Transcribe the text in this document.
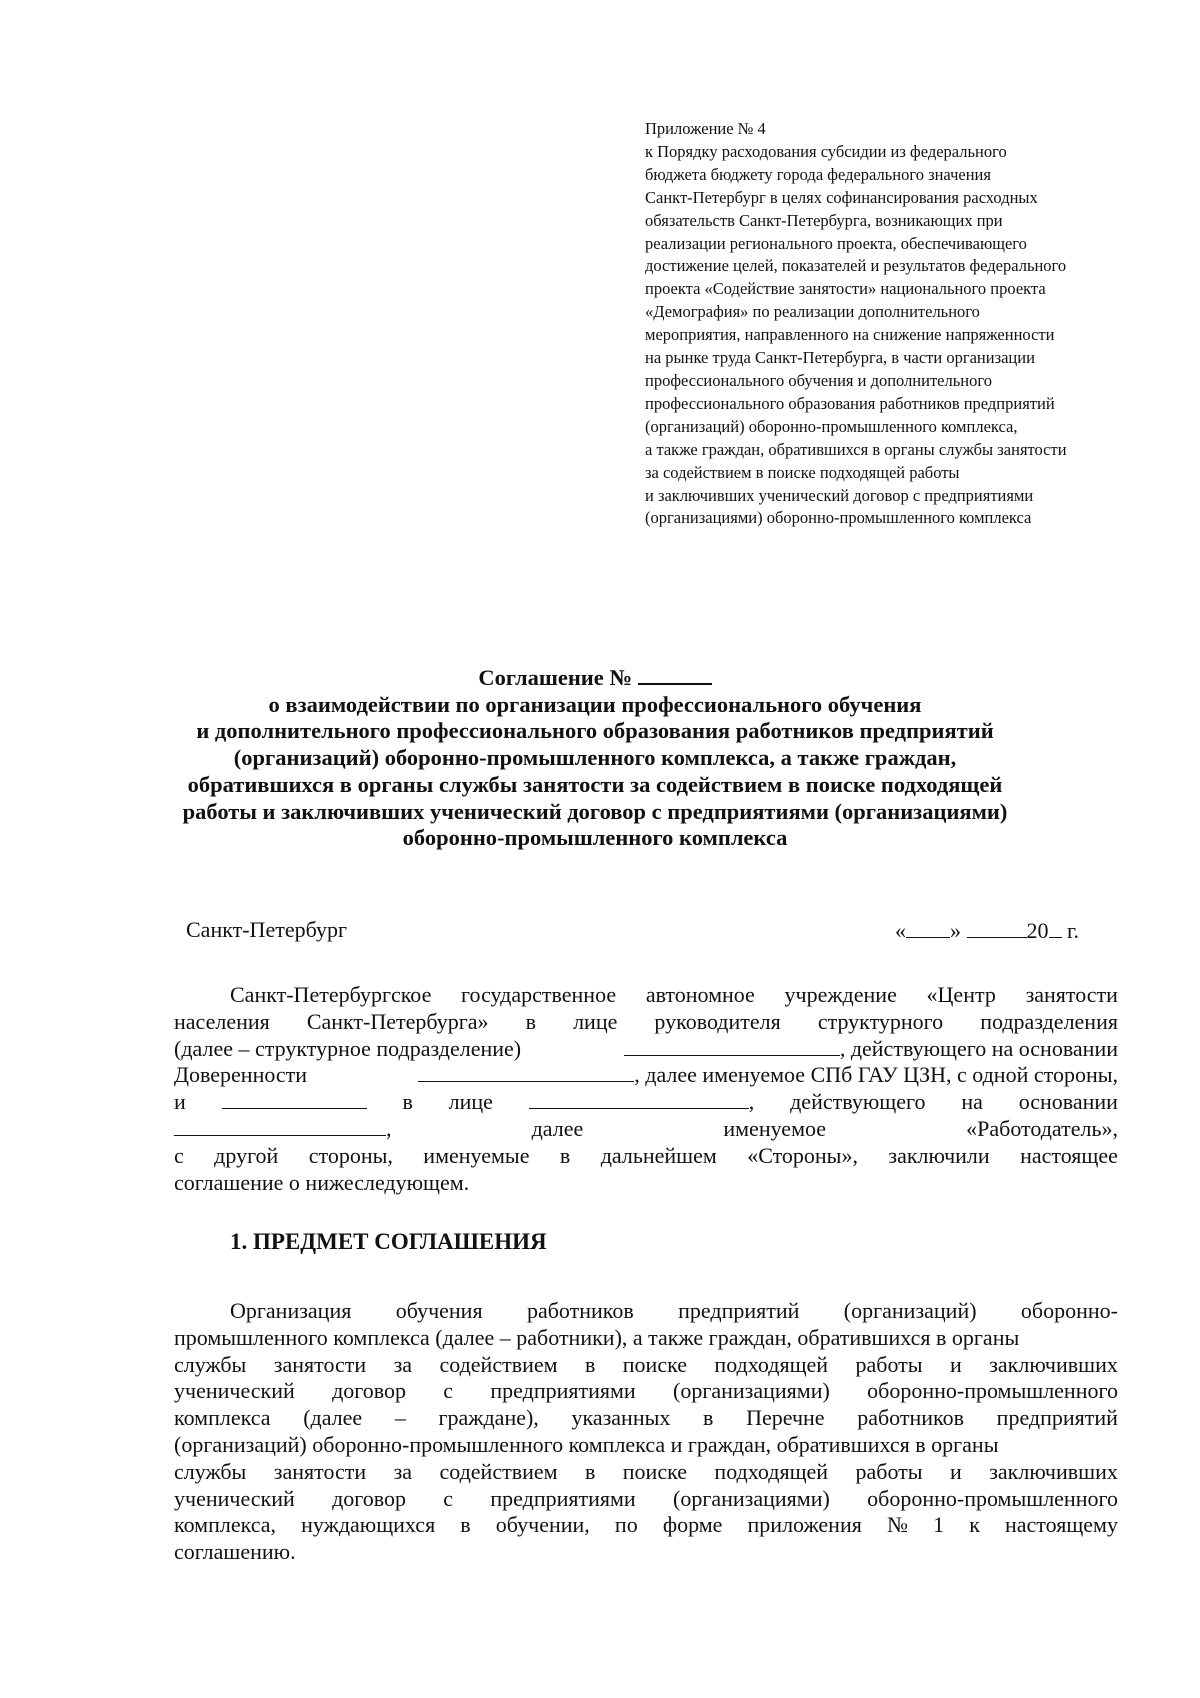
Приложение № 4
к Порядку расходования субсидии из федерального
бюджета бюджету города федерального значения
Санкт-Петербург в целях софинансирования расходных
обязательств Санкт-Петербурга, возникающих при
реализации регионального проекта, обеспечивающего
достижение целей, показателей и результатов федерального
проекта «Содействие занятости» национального проекта
«Демография» по реализации дополнительного
мероприятия, направленного на снижение напряженности
на рынке труда Санкт-Петербурга, в части организации
профессионального обучения и дополнительного
профессионального образования работников предприятий
(организаций) оборонно-промышленного комплекса,
а также граждан, обратившихся в органы службы занятости
за содействием в поиске подходящей работы
и заключивших ученический договор с предприятиями
(организациями) оборонно-промышленного комплекса
Соглашение №
о взаимодействии по организации профессионального обучения
и дополнительного профессионального образования работников предприятий
(организаций) оборонно-промышленного комплекса, а также граждан,
обратившихся в органы службы занятости за содействием в поиске подходящей
работы и заключивших ученический договор с предприятиями (организациями)
оборонно-промышленного комплекса
Санкт-Петербург	« »	20 г.
Санкт-Петербургское государственное автономное учреждение «Центр занятости
населения Санкт-Петербурга» в лице руководителя структурного подразделения
(далее – структурное подразделение)	, действующего на основании
Доверенности	, далее именуемое СПб ГАУ ЦЗН, с одной стороны,
и	в лице	, действующего на основании
,	далее	именуемое	«Работодатель»,
с другой стороны, именуемые в дальнейшем «Стороны», заключили настоящее
соглашение о нижеследующем.
1. ПРЕДМЕТ СОГЛАШЕНИЯ
Организация обучения работников предприятий (организаций) оборонно-
промышленного комплекса (далее – работники), а также граждан, обратившихся в органы
службы занятости за содействием в поиске подходящей работы и заключивших
ученический договор с предприятиями (организациями) оборонно-промышленного
комплекса (далее – граждане), указанных в Перечне работников предприятий
(организаций) оборонно-промышленного комплекса и граждан, обратившихся в органы
службы занятости за содействием в поиске подходящей работы и заключивших
ученический договор с предприятиями (организациями) оборонно-промышленного
комплекса, нуждающихся в обучении, по форме приложения № 1 к настоящему
соглашению.
